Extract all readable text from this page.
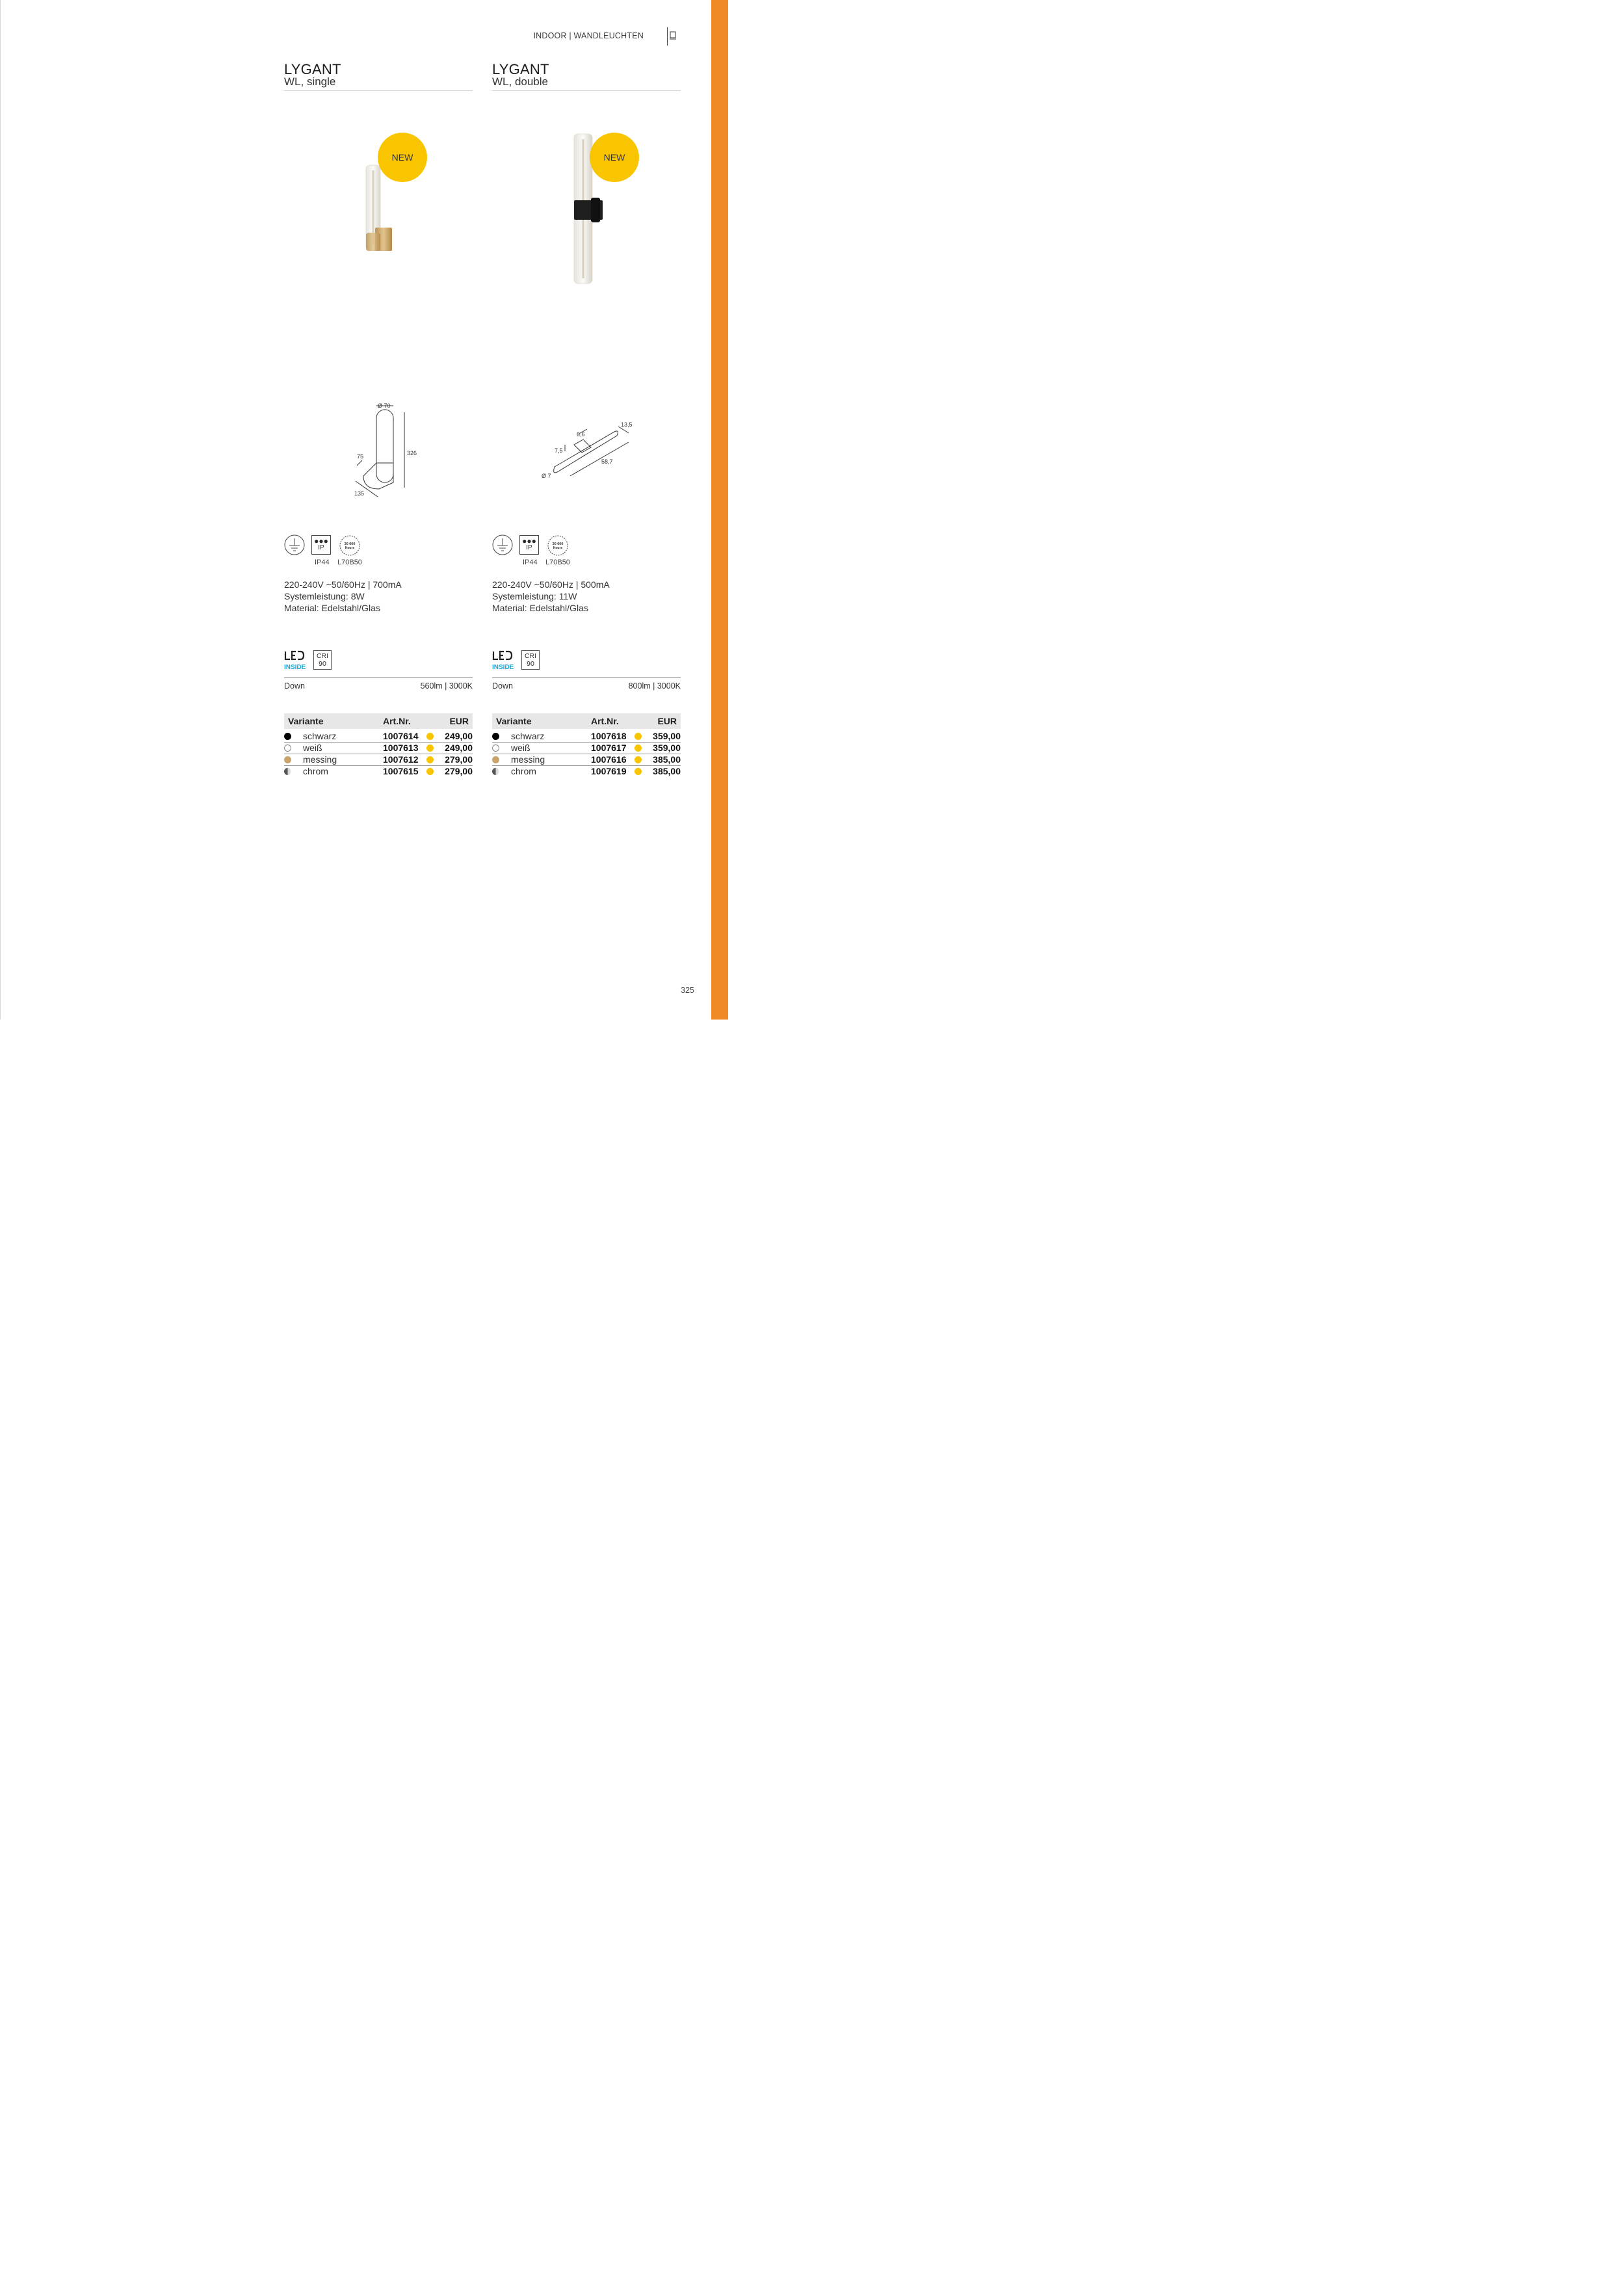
INDOOR | WANDLEUCHTEN
LYGANT
WL, single
NEW
Ø 70
326
75
135
●●●
IP	30 000
Hours
IP44 L70B50
220-240V ~50/60Hz | 700mA
Systemleistung: 8W
Material: Edelstahl/Glas
INSIDE
CRI
90
Down	560lm | 3000K
Variante	Art.Nr.	EUR
schwarz	1007614	249,00
weiß	1007613	249,00
messing	1007612	279,00
chrom	1007615	279,00
LYGANT
WL, double
NEW
6,6
13,5
7,5
58,7
Ø 7
●●●
IP	30 000
Hours
IP44 L70B50
220-240V ~50/60Hz | 500mA
Systemleistung: 11W
Material: Edelstahl/Glas
INSIDE
CRI
90
Down	800lm | 3000K
Variante	Art.Nr.	EUR
schwarz	1007618	359,00
weiß	1007617	359,00
messing	1007616	385,00
chrom	1007619	385,00
325
